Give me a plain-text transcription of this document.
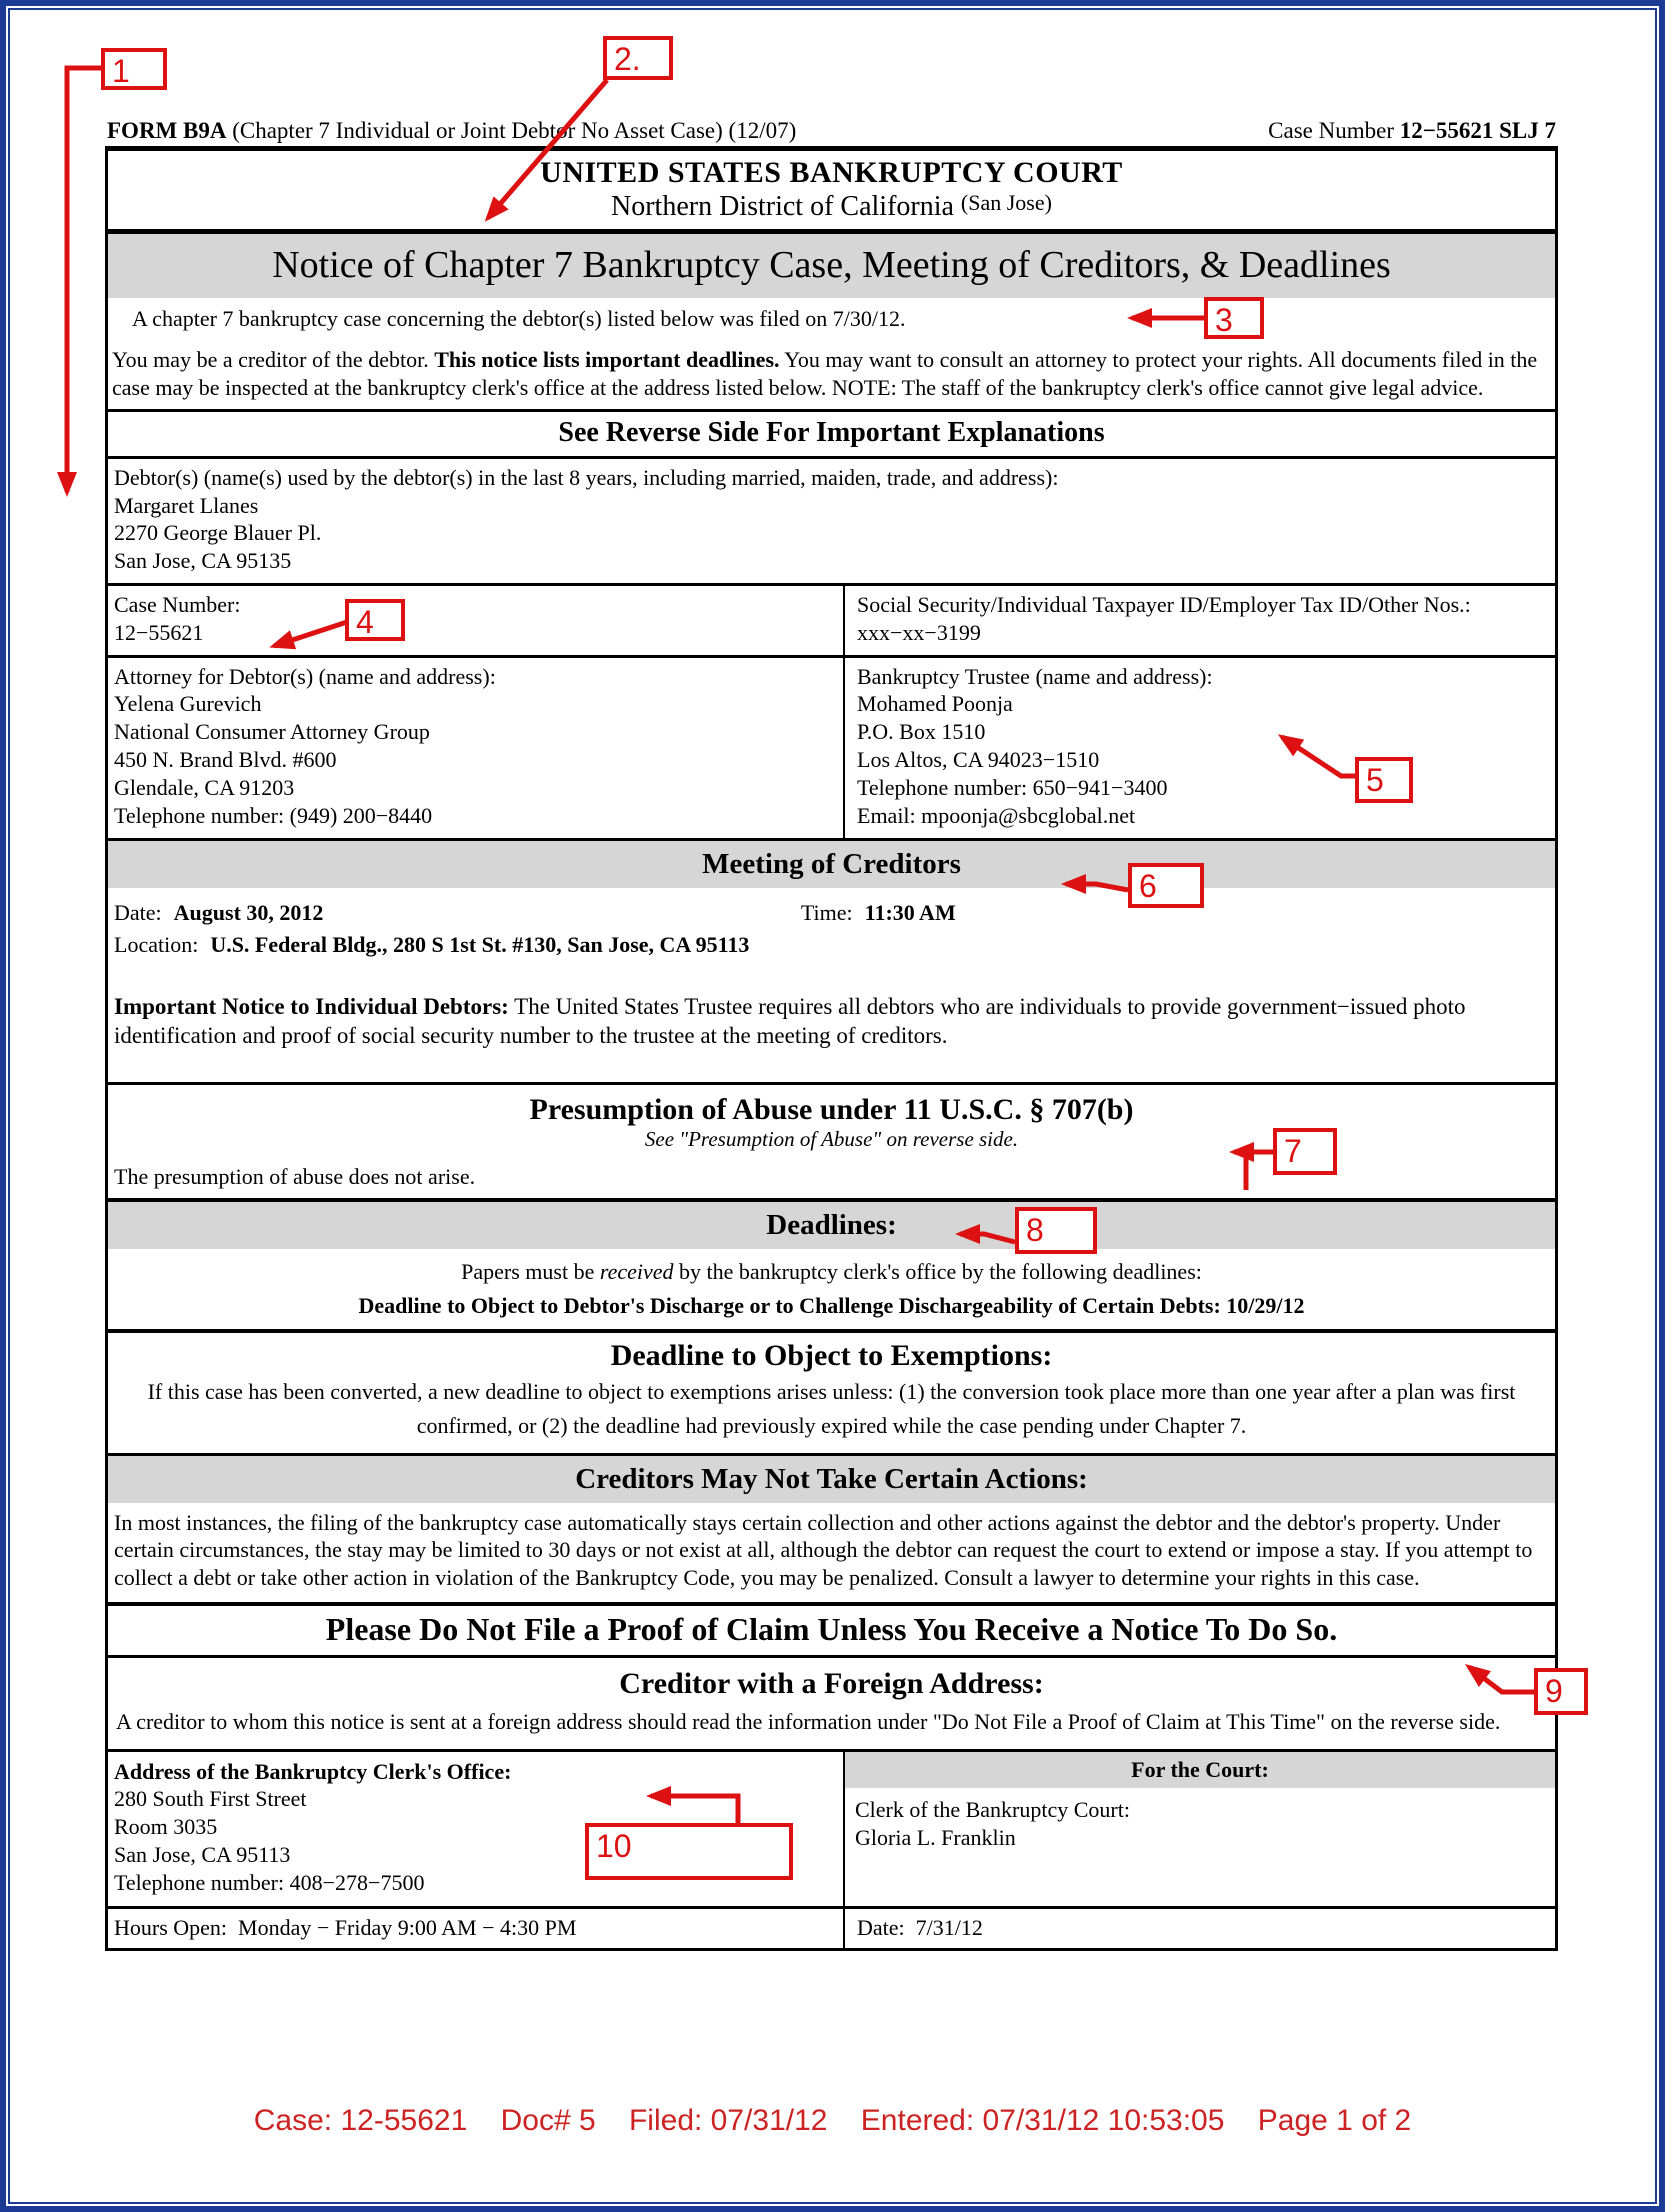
FORM B9A (Chapter 7 Individual or Joint Debtor No Asset Case) (12/07)	Case Number 12−55621 SLJ 7
UNITED STATES BANKRUPTCY COURT
Northern District of California (San Jose)
Notice of Chapter 7 Bankruptcy Case, Meeting of Creditors, & Deadlines
A chapter 7 bankruptcy case concerning the debtor(s) listed below was filed on 7/30/12.

You may be a creditor of the debtor. This notice lists important deadlines. You may want to consult an attorney to protect your rights. All documents filed in the case may be inspected at the bankruptcy clerk's office at the address listed below. NOTE: The staff of the bankruptcy clerk's office cannot give legal advice.

See Reverse Side For Important Explanations
Debtor(s) (name(s) used by the debtor(s) in the last 8 years, including married, maiden, trade, and address):
Margaret Llanes
2270 George Blauer Pl.
San Jose, CA 95135
Case Number:
12−55621
Social Security/Individual Taxpayer ID/Employer Tax ID/Other Nos.:
xxx−xx−3199
Attorney for Debtor(s) (name and address):
Yelena Gurevich
National Consumer Attorney Group
450 N. Brand Blvd. #600
Glendale, CA 91203
Telephone number: (949) 200−8440
Bankruptcy Trustee (name and address):
Mohamed Poonja
P.O. Box 1510
Los Altos, CA 94023−1510
Telephone number: 650−941−3400
Email: mpoonja@sbcglobal.net
Meeting of Creditors
Date: August 30, 2012	Time: 11:30 AM
Location: U.S. Federal Bldg., 280 S 1st St. #130, San Jose, CA 95113

Important Notice to Individual Debtors: The United States Trustee requires all debtors who are individuals to provide government−issued photo identification and proof of social security number to the trustee at the meeting of creditors.

Presumption of Abuse under 11 U.S.C. § 707(b)
See "Presumption of Abuse" on reverse side.
The presumption of abuse does not arise.
Deadlines:
Papers must be received by the bankruptcy clerk's office by the following deadlines:
Deadline to Object to Debtor's Discharge or to Challenge Dischargeability of Certain Debts: 10/29/12
Deadline to Object to Exemptions:
If this case has been converted, a new deadline to object to exemptions arises unless: (1) the conversion took place more than one year after a plan was first confirmed, or (2) the deadline had previously expired while the case pending under Chapter 7.
Creditors May Not Take Certain Actions:
In most instances, the filing of the bankruptcy case automatically stays certain collection and other actions against the debtor and the debtor's property. Under certain circumstances, the stay may be limited to 30 days or not exist at all, although the debtor can request the court to extend or impose a stay. If you attempt to collect a debt or take other action in violation of the Bankruptcy Code, you may be penalized. Consult a lawyer to determine your rights in this case.
Please Do Not File a Proof of Claim Unless You Receive a Notice To Do So.
Creditor with a Foreign Address:
A creditor to whom this notice is sent at a foreign address should read the information under "Do Not File a Proof of Claim at This Time" on the reverse side.
Address of the Bankruptcy Clerk's Office:
280 South First Street
Room 3035
San Jose, CA 95113
Telephone number: 408−278−7500
For the Court:
Clerk of the Bankruptcy Court:
Gloria L. Franklin
Hours Open: Monday − Friday 9:00 AM − 4:30 PM	Date: 7/31/12
1	2.
3
4
5
6
7
8
9
10
Case: 12-55621    Doc# 5    Filed: 07/31/12    Entered: 07/31/12 10:53:05    Page 1 of 2
